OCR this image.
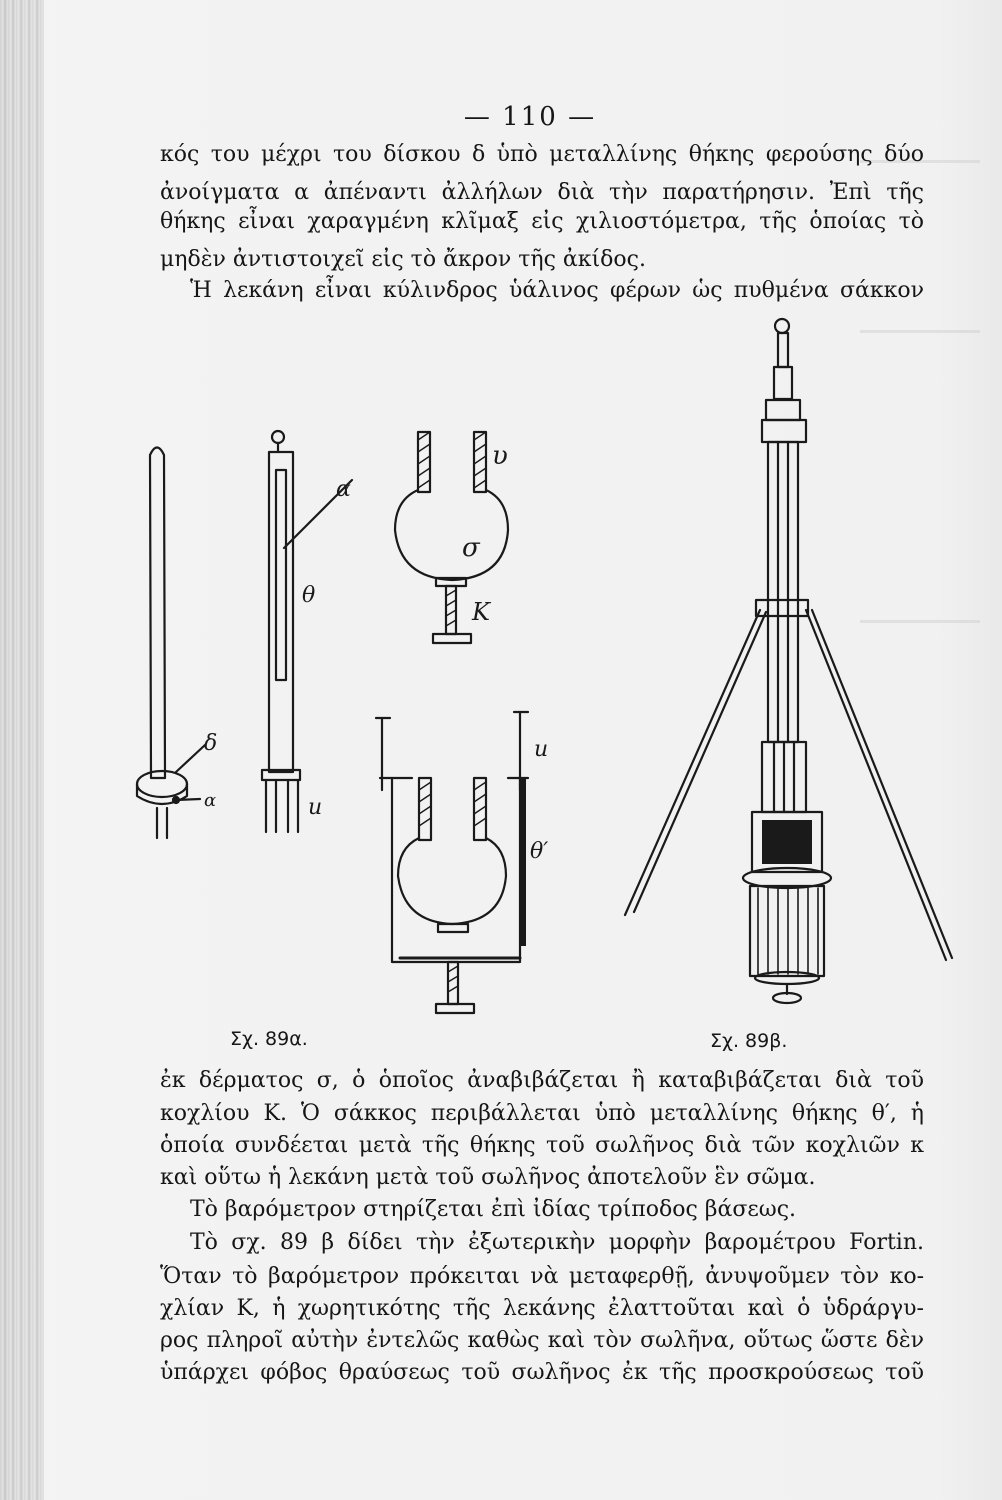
— 110 —
κός του μέχρι του δίσκου δ ὑπὸ μεταλλίνης θήκης φερούσης δύο
ἀνοίγματα α ἀπέναντι ἀλλήλων διὰ τὴν παρατήρησιν. Ἐπὶ τῆς
θήκης εἶναι χαραγμένη κλῖμαξ εἰς χιλιοστόμετρα, τῆς ὁποίας τὸ
μηδὲν ἀντιστοιχεῖ εἰς τὸ ἄκρον τῆς ἀκίδος.
Ἡ λεκάνη εἶναι κύλινδρος ὑάλινος φέρων ὡς πυθμένα σάκκον
δ
α
α
θ
u
υ
σ
K
u
θ′
Σχ. 89α.	Σχ. 89β.
ἐκ δέρματος σ, ὁ ὁποῖος ἀναβιβάζεται ἢ καταβιβάζεται διὰ τοῦ
κοχλίου K. Ὁ σάκκος περιβάλλεται ὑπὸ μεταλλίνης θήκης θ′, ἡ
ὁποία συνδέεται μετὰ τῆς θήκης τοῦ σωλῆνος διὰ τῶν κοχλιῶν κ
καὶ οὕτω ἡ λεκάνη μετὰ τοῦ σωλῆνος ἀποτελοῦν ἓν σῶμα.
Τὸ βαρόμετρον στηρίζεται ἐπὶ ἰδίας τρίποδος βάσεως.
Τὸ σχ. 89 β δίδει τὴν ἐξωτερικὴν μορφὴν βαρομέτρου Fortin.
Ὅταν τὸ βαρόμετρον πρόκειται νὰ μεταφερθῇ, ἀνυψοῦμεν τὸν κο-
χλίαν K, ἡ χωρητικότης τῆς λεκάνης ἐλαττοῦται καὶ ὁ ὑδράργυ-
ρος πληροῖ αὐτὴν ἐντελῶς καθὼς καὶ τὸν σωλῆνα, οὕτως ὥστε δὲν
ὑπάρχει φόβος θραύσεως τοῦ σωλῆνος ἐκ τῆς προσκρούσεως τοῦ
